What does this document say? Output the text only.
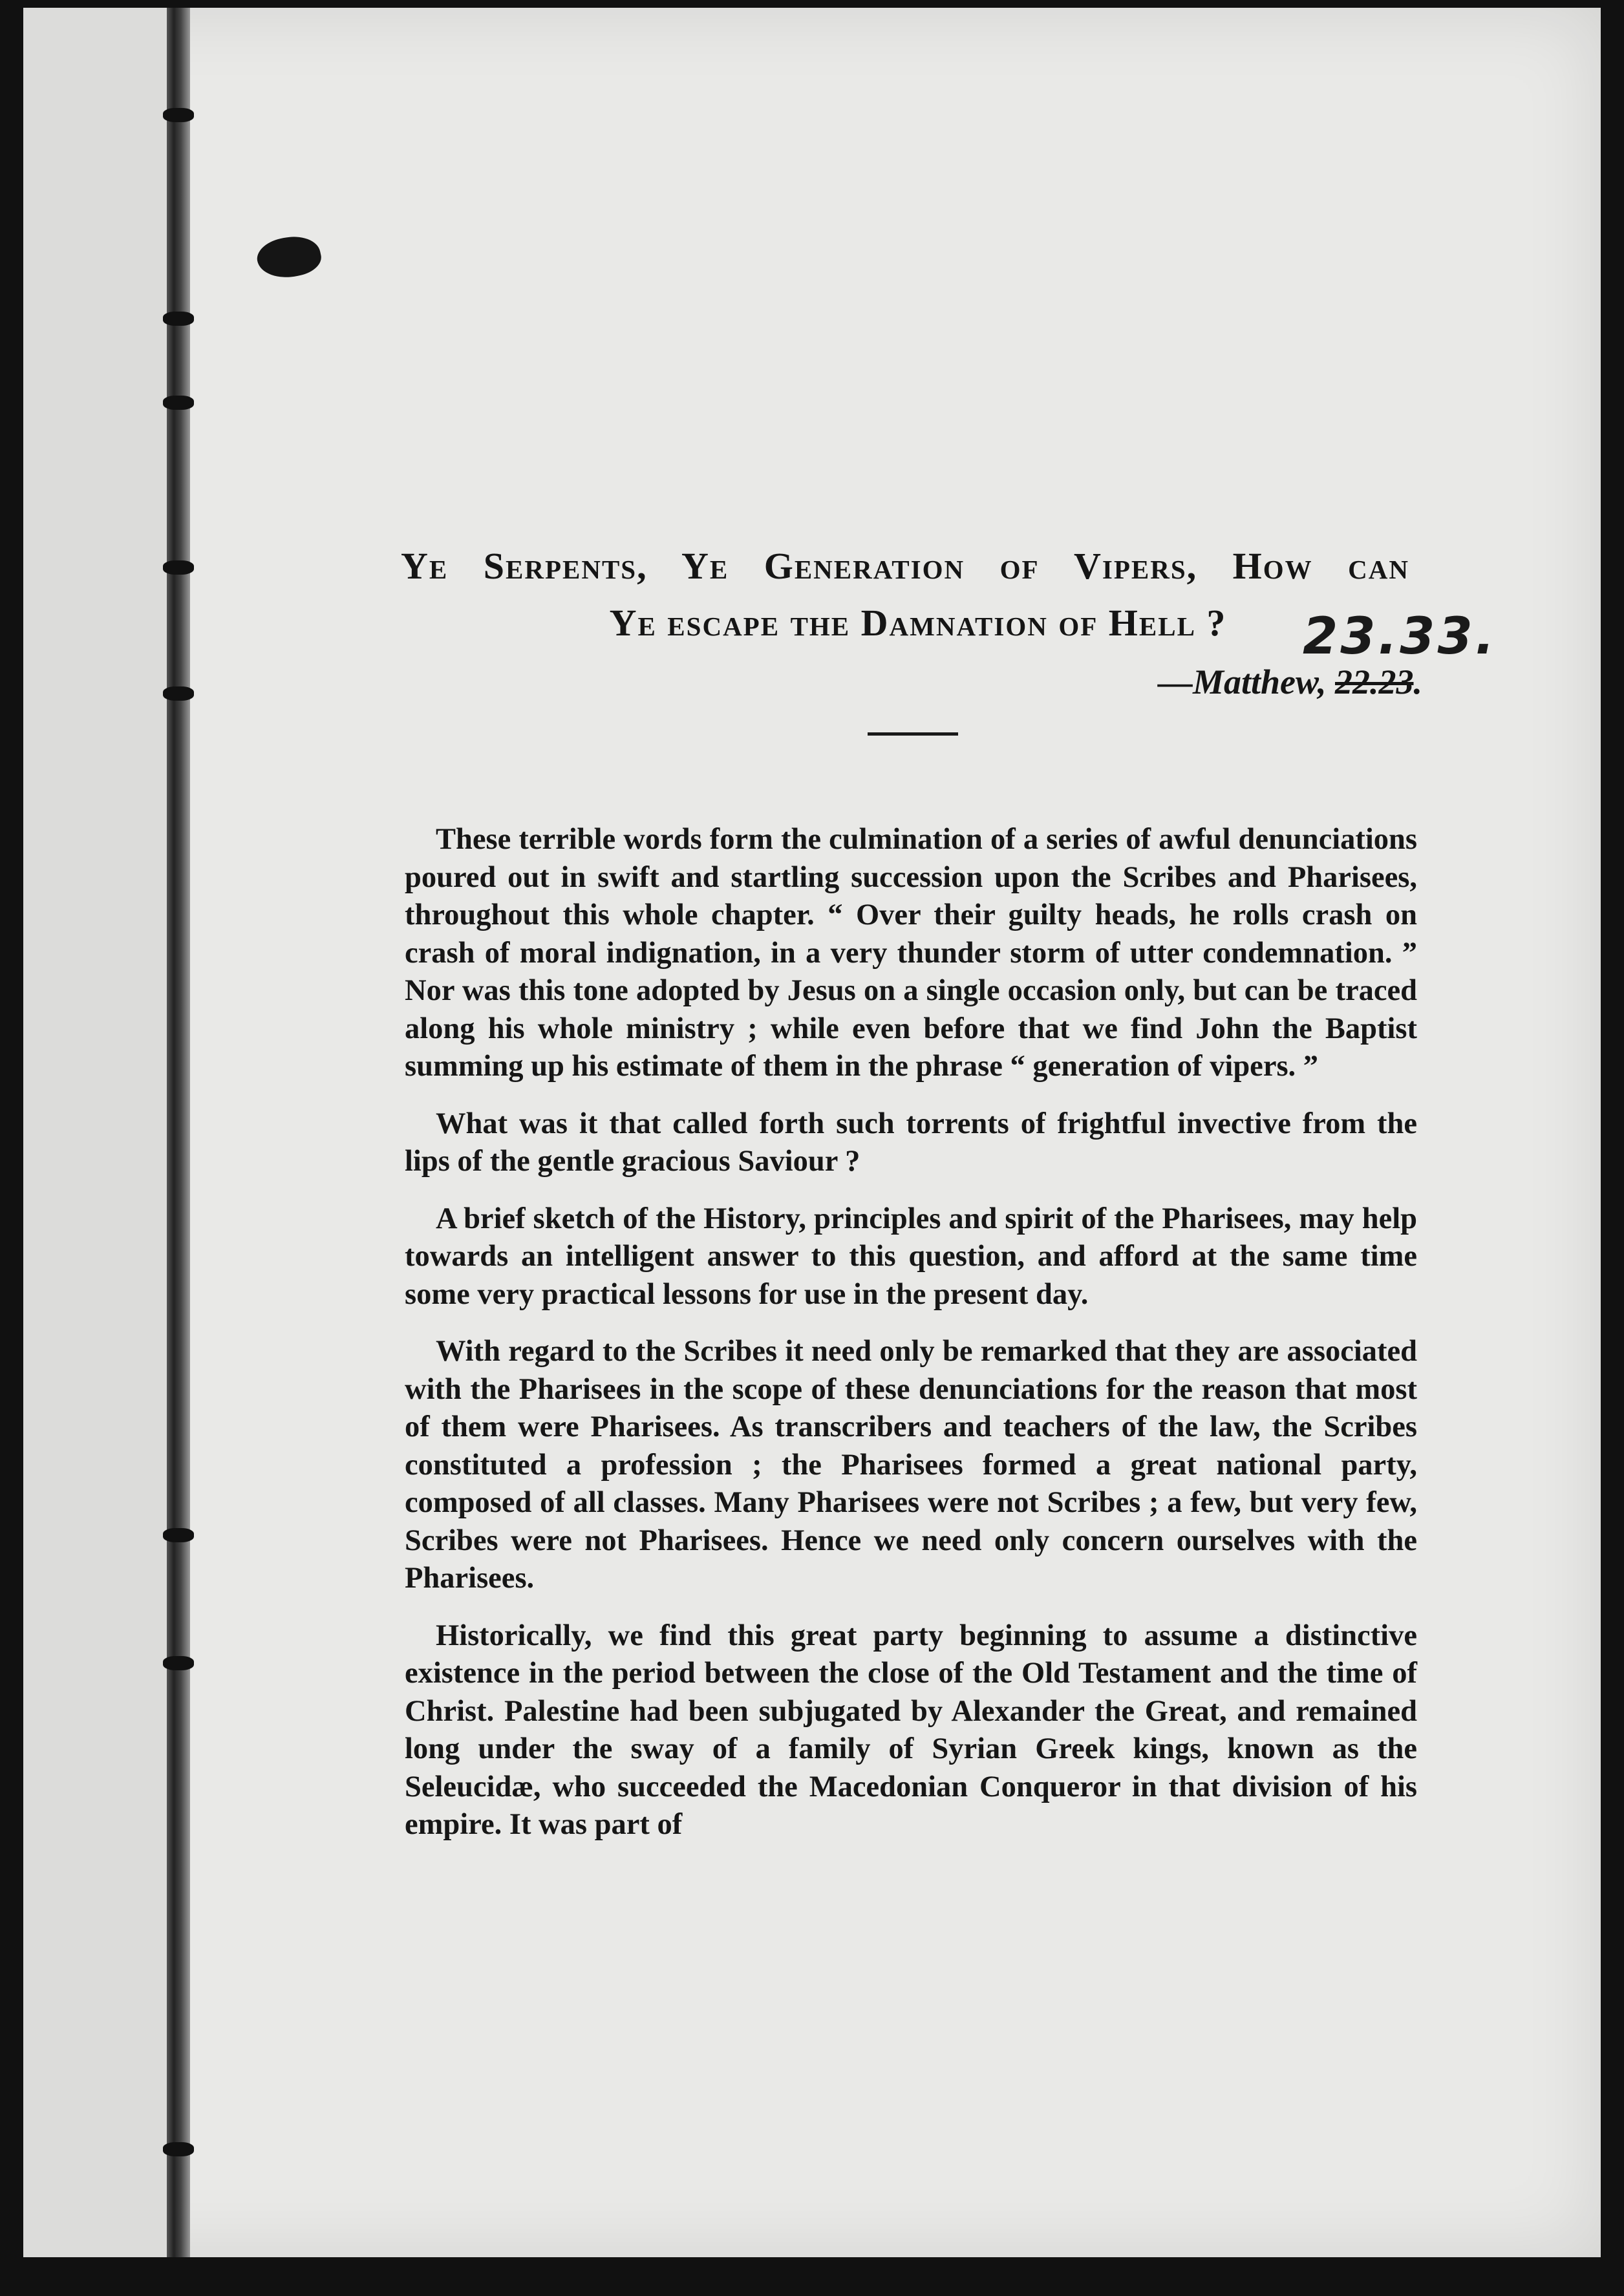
Ye Serpents, Ye Generation of Vipers, How can
Ye escape the Damnation of Hell ?	23.33.
—Matthew, 22.23.

These terrible words form the culmination of a series of awful denunciations poured out in swift and startling succession upon the Scribes and Pharisees, throughout this whole chapter. “ Over their guilty heads, he rolls crash on crash of moral indignation, in a very thunder storm of utter condemnation. ” Nor was this tone adopted by Jesus on a single occasion only, but can be traced along his whole ministry ; while even before that we find John the Baptist summing up his estimate of them in the phrase “ generation of vipers. ”

What was it that called forth such torrents of frightful invective from the lips of the gentle gracious Saviour ?

A brief sketch of the History, principles and spirit of the Pharisees, may help towards an intelligent answer to this question, and afford at the same time some very practical lessons for use in the present day.

With regard to the Scribes it need only be remarked that they are associated with the Pharisees in the scope of these denunciations for the reason that most of them were Pharisees. As transcribers and teachers of the law, the Scribes constituted a profession ; the Pharisees formed a great national party, composed of all classes. Many Pharisees were not Scribes ; a few, but very few, Scribes were not Pharisees. Hence we need only concern ourselves with the Pharisees.

Historically, we find this great party beginning to assume a distinctive existence in the period between the close of the Old Testament and the time of Christ. Palestine had been subjugated by Alexander the Great, and remained long under the sway of a family of Syrian Greek kings, known as the Seleucidæ, who succeeded the Macedonian Conqueror in that division of his empire. It was part of
